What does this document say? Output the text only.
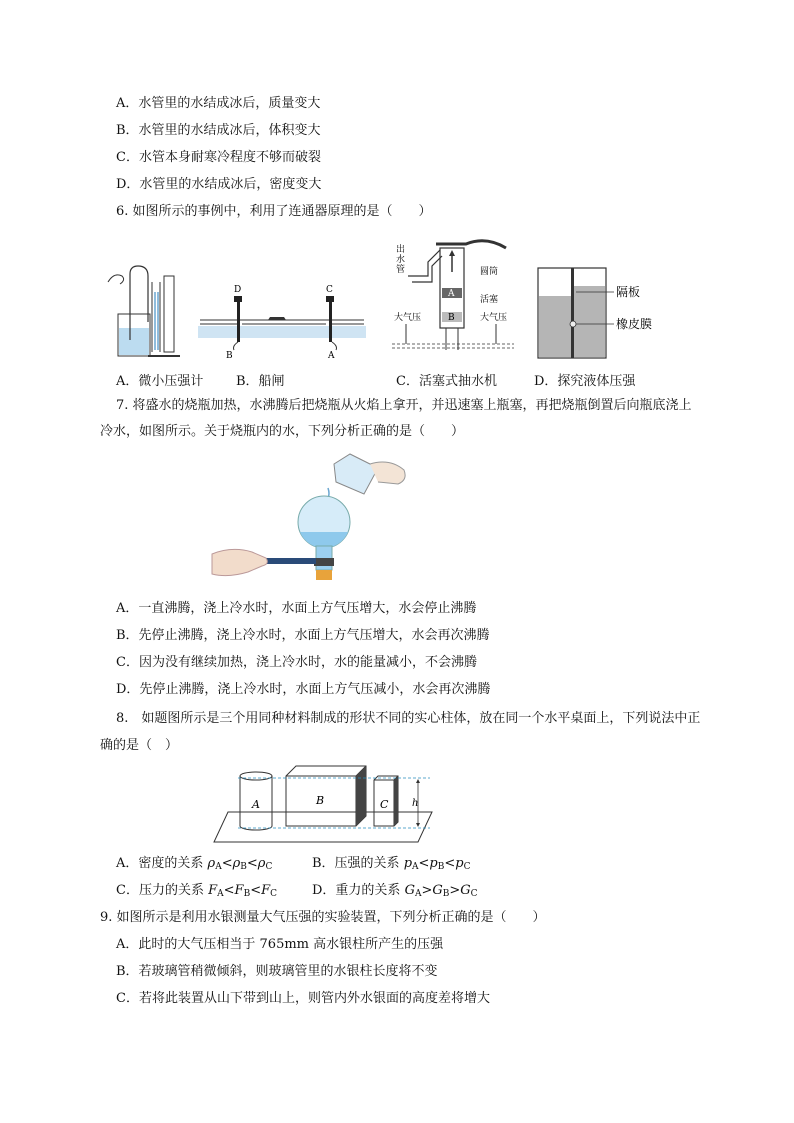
A．水管里的水结成冰后，质量变大
B．水管里的水结成冰后，体积变大
C．水管本身耐寒冷程度不够而破裂
D．水管里的水结成冰后，密度变大
6. 如图所示的事例中，利用了连通器原理的是（　　）
D	C
B	A
出
水
管	圆筒
A
活塞
B
大气压	大气压
隔板
橡皮膜
A．微小压强计	B．船闸	C．活塞式抽水机	D．探究液体压强
7. 将盛水的烧瓶加热，水沸腾后把烧瓶从火焰上拿开，并迅速塞上瓶塞，再把烧瓶倒置后向瓶底浇上
冷水，如图所示。关于烧瓶内的水，下列分析正确的是（　　）
A．一直沸腾，浇上冷水时，水面上方气压增大，水会停止沸腾
B．先停止沸腾，浇上冷水时，水面上方气压增大，水会再次沸腾
C．因为没有继续加热，浇上冷水时，水的能量减小，不会沸腾
D．先停止沸腾，浇上冷水时，水面上方气压减小，水会再次沸腾
8.　如题图所示是三个用同种材料制成的形状不同的实心柱体，放在同一个水平桌面上，下列说法中正
确的是（　）
A	B	C h
A．密度的关系 $\rho_A<\rho_B<\rho_C$	B．压强的关系 $p_A<p_B<p_C$
C．压力的关系 $F_A<F_B<F_C$	D．重力的关系 $G_A>G_B>G_C$
9. 如图所示是利用水银测量大气压强的实验装置，下列分析正确的是（　　）
A．此时的大气压相当于 765mm 高水银柱所产生的压强
B．若玻璃管稍微倾斜，则玻璃管里的水银柱长度将不变
C．若将此装置从山下带到山上，则管内外水银面的高度差将增大
